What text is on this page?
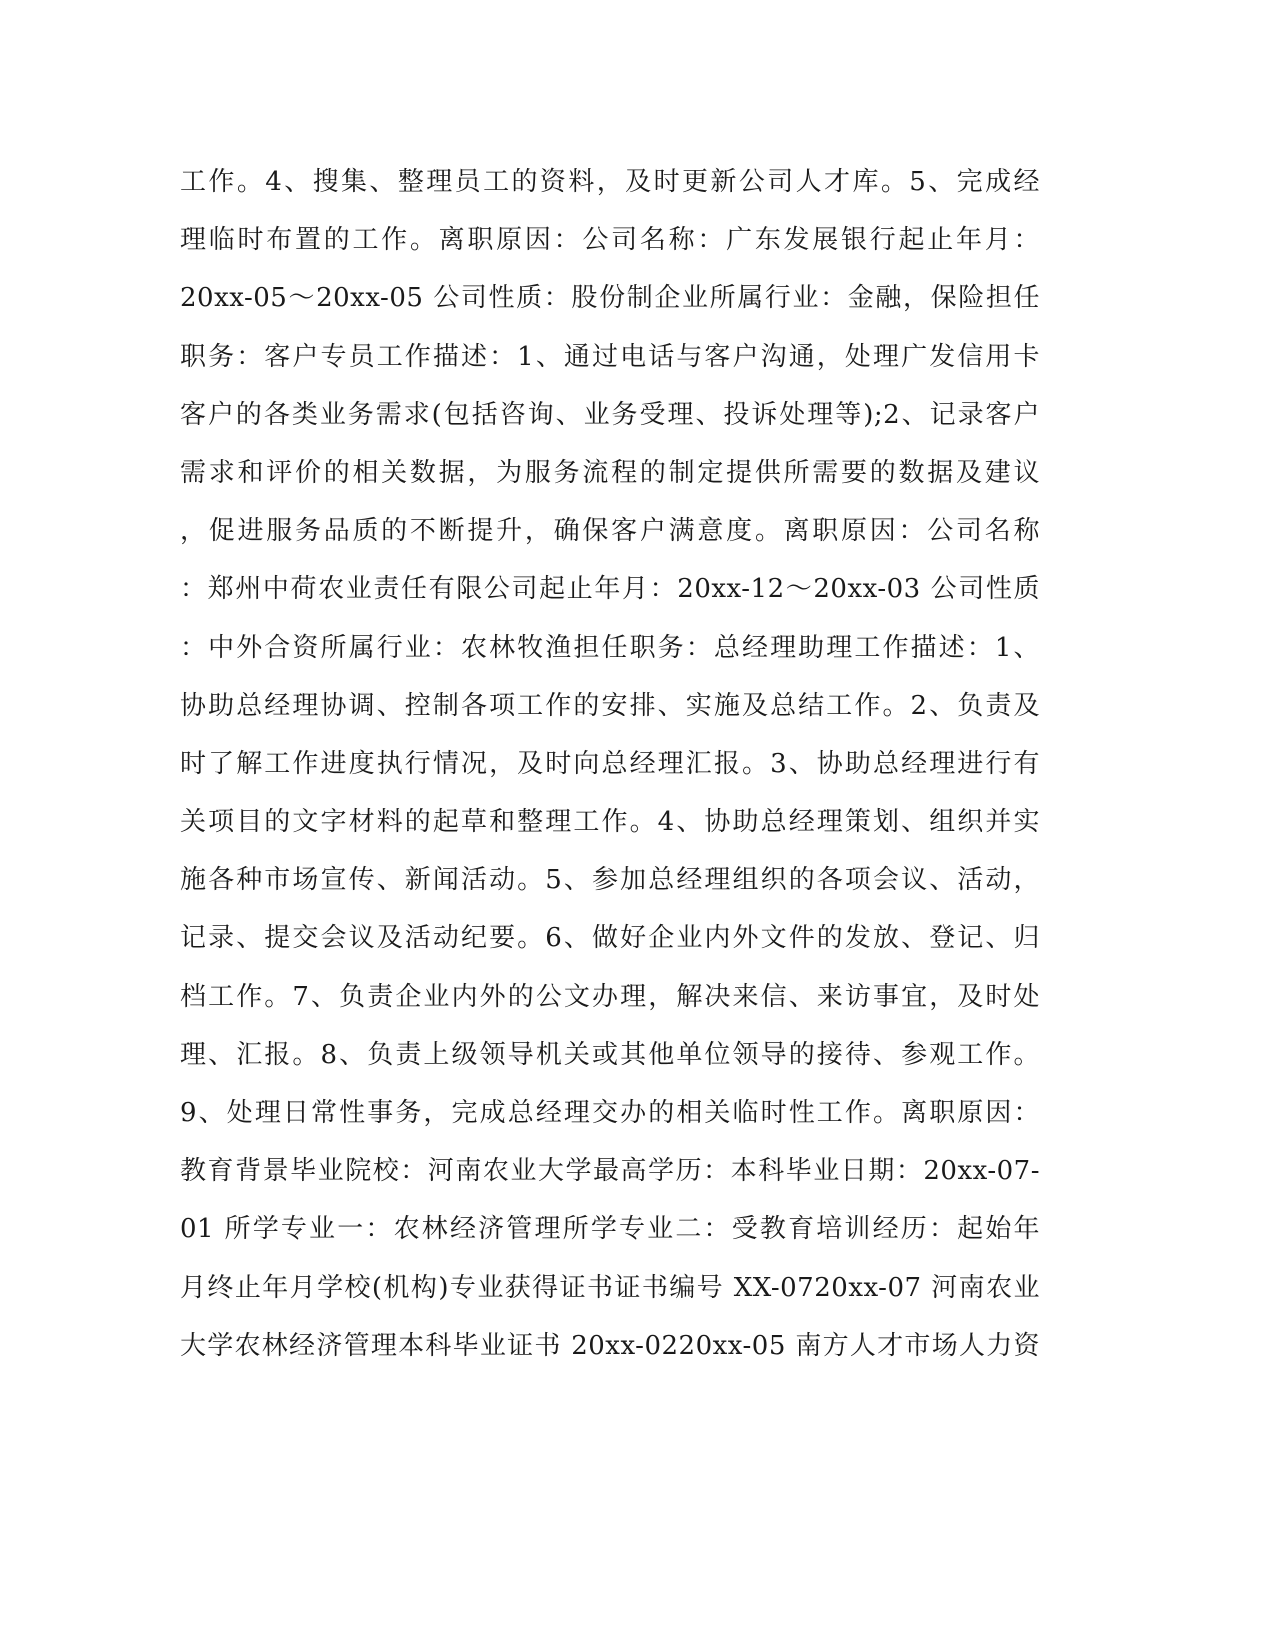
工作。4、搜集、整理员工的资料，及时更新公司人才库。5、完成经
理临时布置的工作。离职原因：公司名称：广东发展银行起止年月：
20xx-05～20xx-05 公司性质：股份制企业所属行业：金融，保险担任
职务：客户专员工作描述：1、通过电话与客户沟通，处理广发信用卡
客户的各类业务需求(包括咨询、业务受理、投诉处理等);2、记录客户
需求和评价的相关数据，为服务流程的制定提供所需要的数据及建议
，促进服务品质的不断提升，确保客户满意度。离职原因：公司名称
：郑州中荷农业责任有限公司起止年月：20xx-12～20xx-03 公司性质
：中外合资所属行业：农林牧渔担任职务：总经理助理工作描述：1、
协助总经理协调、控制各项工作的安排、实施及总结工作。2、负责及
时了解工作进度执行情况，及时向总经理汇报。3、协助总经理进行有
关项目的文字材料的起草和整理工作。4、协助总经理策划、组织并实
施各种市场宣传、新闻活动。5、参加总经理组织的各项会议、活动，
记录、提交会议及活动纪要。6、做好企业内外文件的发放、登记、归
档工作。7、负责企业内外的公文办理，解决来信、来访事宜，及时处
理、汇报。8、负责上级领导机关或其他单位领导的接待、参观工作。
9、处理日常性事务，完成总经理交办的相关临时性工作。离职原因：
教育背景毕业院校：河南农业大学最高学历：本科毕业日期：20xx-07-
01 所学专业一：农林经济管理所学专业二：受教育培训经历：起始年
月终止年月学校(机构)专业获得证书证书编号 XX-0720xx-07 河南农业
大学农林经济管理本科毕业证书 20xx-0220xx-05 南方人才市场人力资
